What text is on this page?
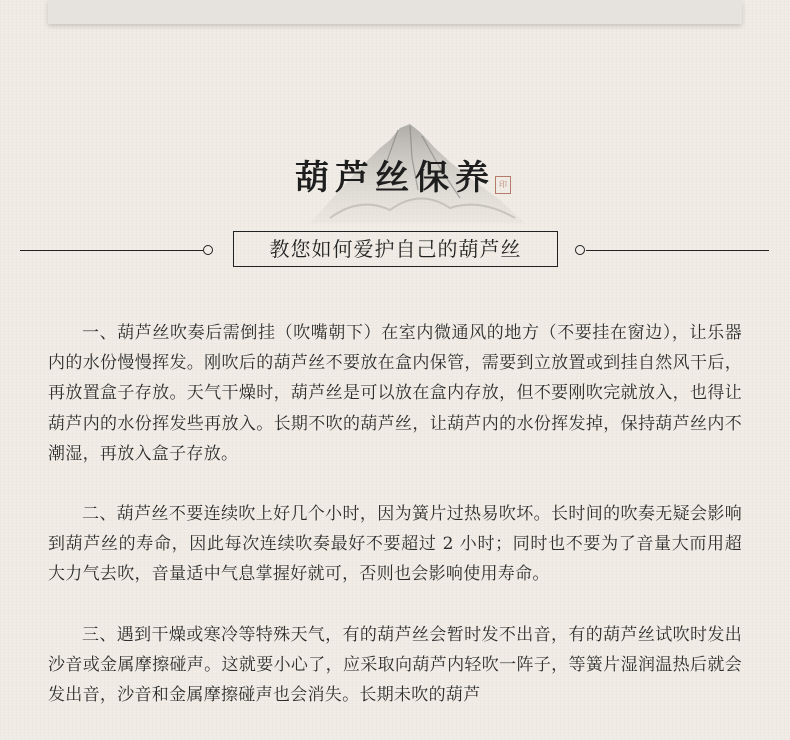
葫芦丝保养 印
教您如何爱护自己的葫芦丝

一、葫芦丝吹奏后需倒挂（吹嘴朝下）在室内微通风的地方（不要挂在窗边），让乐器内的水份慢慢挥发。刚吹后的葫芦丝不要放在盒内保管，需要到立放置或到挂自然风干后，再放置盒子存放。天气干燥时，葫芦丝是可以放在盒内存放，但不要刚吹完就放入，也得让葫芦内的水份挥发些再放入。长期不吹的葫芦丝，让葫芦内的水份挥发掉，保持葫芦丝内不潮湿，再放入盒子存放。

二、葫芦丝不要连续吹上好几个小时，因为簧片过热易吹坏。长时间的吹奏无疑会影响到葫芦丝的寿命，因此每次连续吹奏最好不要超过 2 小时；同时也不要为了音量大而用超大力气去吹，音量适中气息掌握好就可，否则也会影响使用寿命。

三、遇到干燥或寒冷等特殊天气，有的葫芦丝会暂时发不出音，有的葫芦丝试吹时发出沙音或金属摩擦碰声。这就要小心了，应采取向葫芦内轻吹一阵子，等簧片湿润温热后就会发出音，沙音和金属摩擦碰声也会消失。长期未吹的葫芦
